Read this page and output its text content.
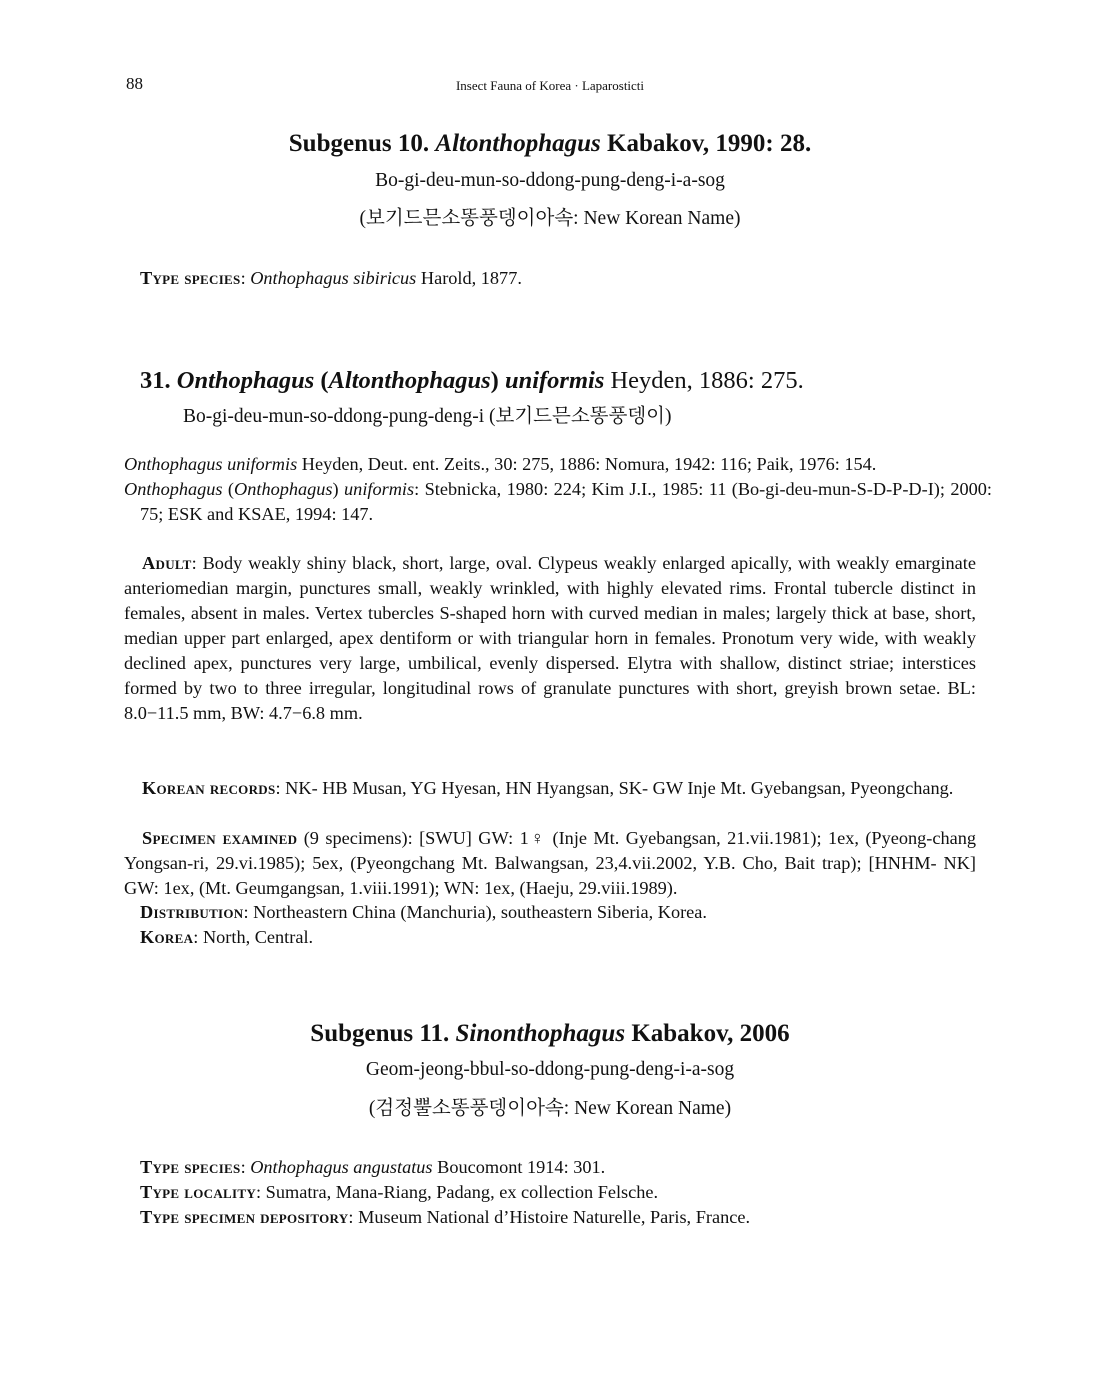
88	Insect Fauna of Korea · Laparosticti
Subgenus 10. Altonthophagus Kabakov, 1990: 28.
Bo-gi-deu-mun-so-ddong-pung-deng-i-a-sog
(보기드믄소똥풍뎅이아속: New Korean Name)
Type species: Onthophagus sibiricus Harold, 1877.
31. Onthophagus (Altonthophagus) uniformis Heyden, 1886: 275.
Bo-gi-deu-mun-so-ddong-pung-deng-i (보기드믄소똥풍뎅이)
Onthophagus uniformis Heyden, Deut. ent. Zeits., 30: 275, 1886: Nomura, 1942: 116; Paik, 1976: 154.
Onthophagus (Onthophagus) uniformis: Stebnicka, 1980: 224; Kim J.I., 1985: 11 (Bo-gi-deu-mun-S-D-P-D-I); 2000: 75; ESK and KSAE, 1994: 147.
Adult: Body weakly shiny black, short, large, oval. Clypeus weakly enlarged apically, with weakly emarginate anteriomedian margin, punctures small, weakly wrinkled, with highly elevated rims. Frontal tubercle distinct in females, absent in males. Vertex tubercles S-shaped horn with curved median in males; largely thick at base, short, median upper part enlarged, apex dentiform or with triangular horn in females. Pronotum very wide, with weakly declined apex, punctures very large, umbilical, evenly dispersed. Elytra with shallow, distinct striae; interstices formed by two to three irregular, longitudinal rows of granulate punctures with short, greyish brown setae. BL: 8.0−11.5 mm, BW: 4.7−6.8 mm.
Korean records: NK- HB Musan, YG Hyesan, HN Hyangsan, SK- GW Inje Mt. Gyebangsan, Pyeongchang.
Specimen examined (9 specimens): [SWU] GW: 1♀ (Inje Mt. Gyebangsan, 21.vii.1981); 1ex, (Pyeong-chang Yongsan-ri, 29.vi.1985); 5ex, (Pyeongchang Mt. Balwangsan, 23,4.vii.2002, Y.B. Cho, Bait trap); [HNHM- NK] GW: 1ex, (Mt. Geumgangsan, 1.viii.1991); WN: 1ex, (Haeju, 29.viii.1989).
Distribution: Northeastern China (Manchuria), southeastern Siberia, Korea.
Korea: North, Central.
Subgenus 11. Sinonthophagus Kabakov, 2006
Geom-jeong-bbul-so-ddong-pung-deng-i-a-sog
(검정뿔소똥풍뎅이아속: New Korean Name)
Type species: Onthophagus angustatus Boucomont 1914: 301.
Type locality: Sumatra, Mana-Riang, Padang, ex collection Felsche.
Type specimen depository: Museum National d’Histoire Naturelle, Paris, France.
